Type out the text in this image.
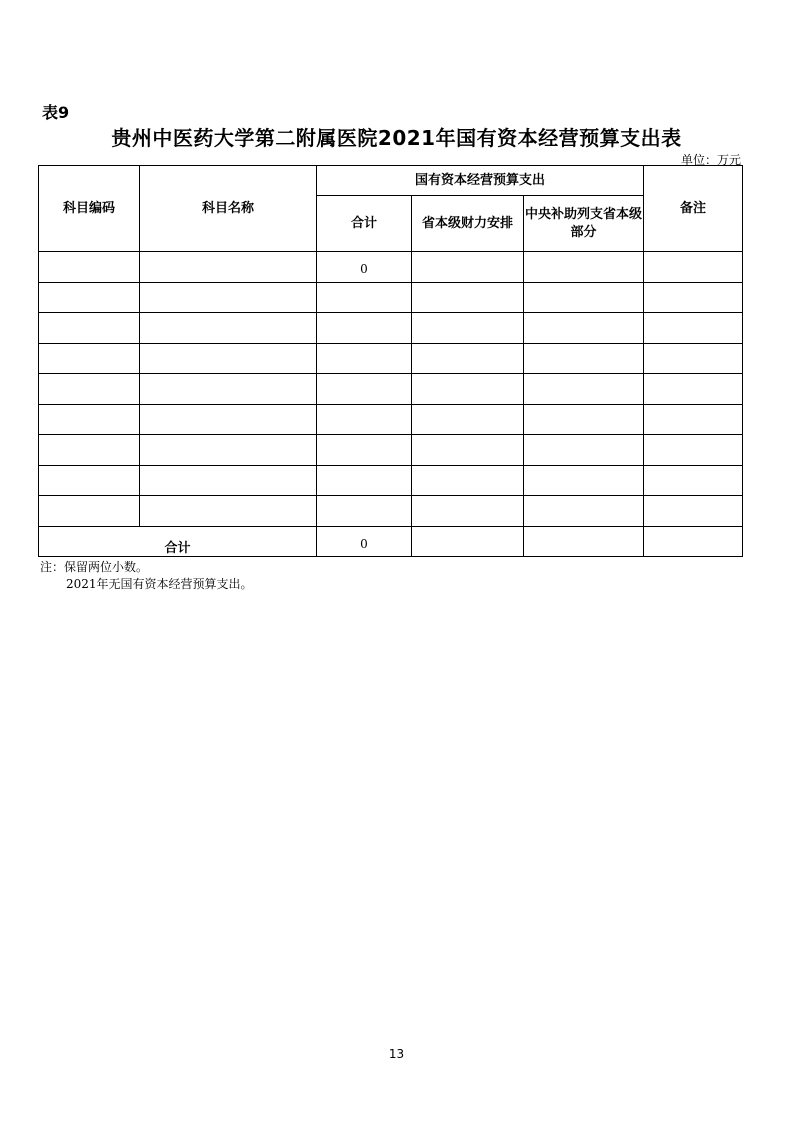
表9
贵州中医药大学第二附属医院2021年国有资本经营预算支出表
单位：万元
科目编码	科目名称	国有资本经营预算支出			备注
		合计	省本级财力安排	中央补助列支省本级部分	
		0			

合计		0			
注：保留两位小数。
2021年无国有资本经营预算支出。
13
